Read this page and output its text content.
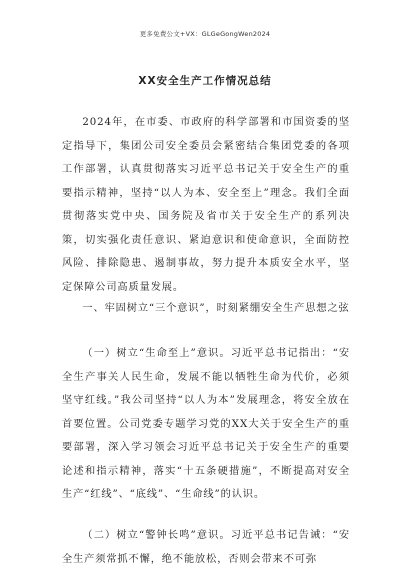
更多免费公文+VX：GLGeGongWen2024
XX安全生产工作情况总结

2024年，在市委、市政府的科学部署和市国资委的坚定指导下，集团公司安全委员会紧密结合集团党委的各项工作部署，认真贯彻落实习近平总书记关于安全生产的重要指示精神，坚持“以人为本、安全至上”理念。我们全面贯彻落实党中央、国务院及省市关于安全生产的系列决策，切实强化责任意识、紧迫意识和使命意识，全面防控风险、排除隐患、遏制事故，努力提升本质安全水平，坚定保障公司高质量发展。

一、牢固树立“三个意识”，时刻紧绷安全生产思想之弦

（一）树立“生命至上”意识。习近平总书记指出：“安全生产事关人民生命，发展不能以牺牲生命为代价，必须坚守红线。”我公司坚持“以人为本”发展理念，将安全放在首要位置。公司党委专题学习党的XX大关于安全生产的重要部署，深入学习领会习近平总书记关于安全生产的重要论述和指示精神，落实“十五条硬措施”，不断提高对安全生产“红线”、“底线”、“生命线”的认识。

（二）树立“警钟长鸣”意识。习近平总书记告诫：“安全生产须常抓不懈，绝不能放松，否则会带来不可弥
